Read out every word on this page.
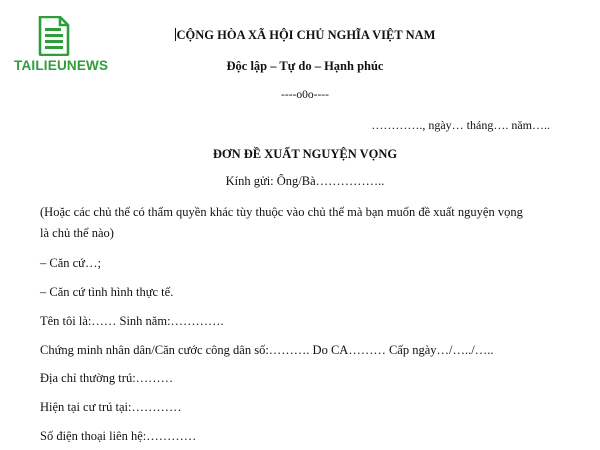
TAILIEUNEWS
CỘNG HÒA XÃ HỘI CHỦ NGHĨA VIỆT NAM
Độc lập – Tự do – Hạnh phúc
----o0o----
…………., ngày… tháng…. năm…..
ĐƠN ĐỀ XUẤT NGUYỆN VỌNG
Kính gửi: Ông/Bà……………..
(Hoặc các chủ thể có thẩm quyền khác tùy thuộc vào chủ thể mà bạn muốn đề xuất nguyện vọng
là chủ thể nào)
– Căn cứ…;
– Căn cứ tình hình thực tế.
Tên tôi là:…… Sinh năm:………….
Chứng minh nhân dân/Căn cước công dân số:………. Do CA……… Cấp ngày…/…../…..
Địa chỉ thường trú:………
Hiện tại cư trú tại:…………
Số điện thoại liên hệ:…………
